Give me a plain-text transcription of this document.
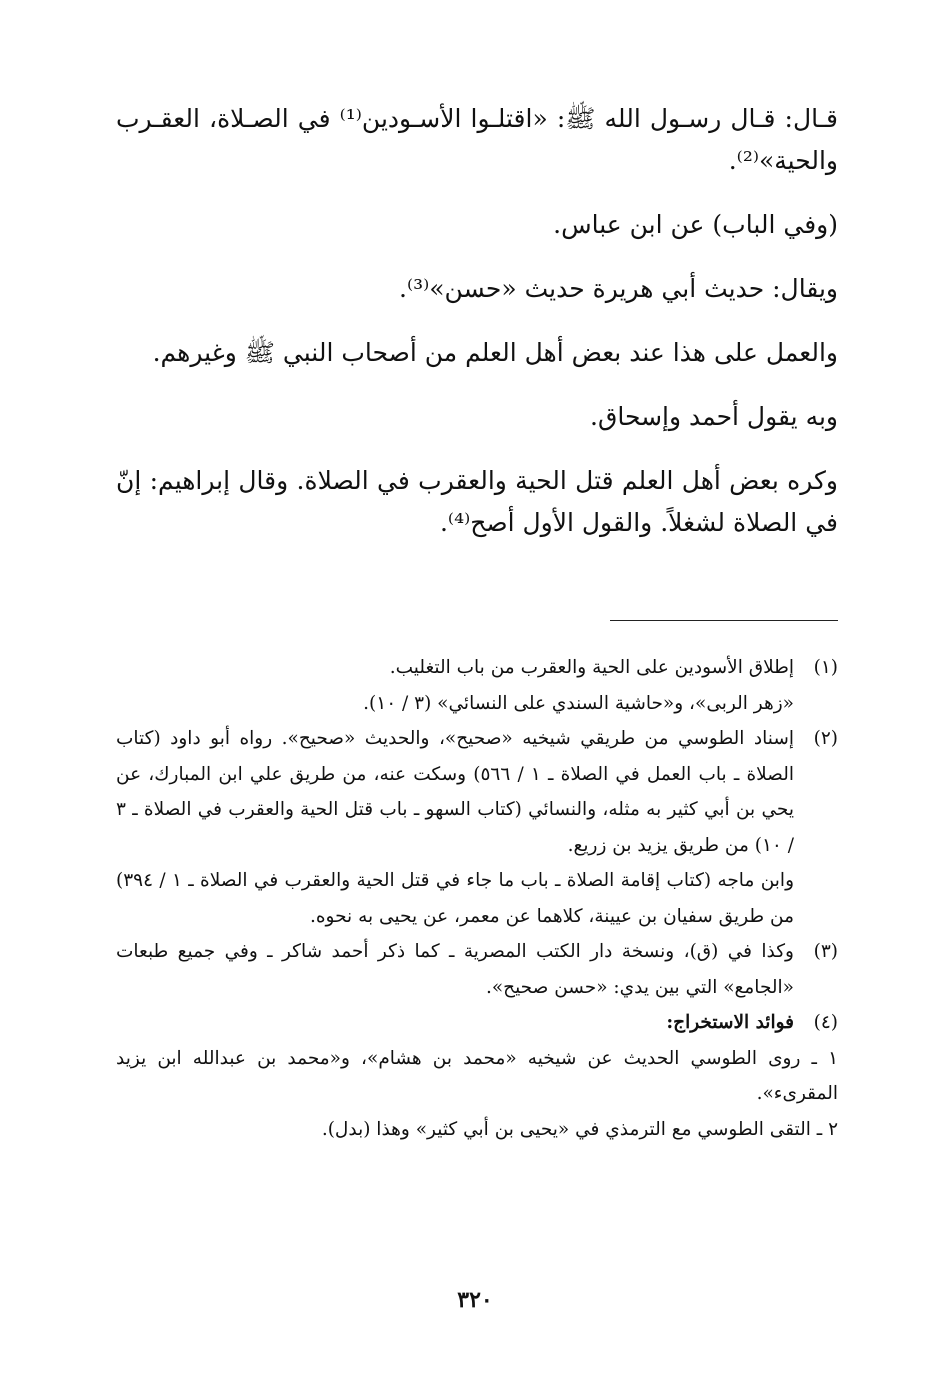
قـال: قـال رسـول الله ﷺ: «اقتلـوا الأسـودين⁽¹⁾ في الصـلاة، العقـرب والحية»⁽²⁾.

(وفي الباب) عن ابن عباس.

ويقال: حديث أبي هريرة حديث «حسن»⁽³⁾.

والعمل على هذا عند بعض أهل العلم من أصحاب النبي ﷺ وغيرهم.

وبه يقول أحمد وإسحاق.

وكره بعض أهل العلم قتل الحية والعقرب في الصلاة. وقال إبراهيم: إنّ في الصلاة لشغلاً. والقول الأول أصح⁽⁴⁾.

(١)
إطلاق الأسودين على الحية والعقرب من باب التغليب.
«زهر الربى»، و«حاشية السندي على النسائي» (٣ / ١٠).
(٢)
إسناد الطوسي من طريقي شيخيه «صحيح»، والحديث «صحيح». رواه أبو داود (كتاب الصلاة ـ باب العمل في الصلاة ـ ١ / ٥٦٦) وسكت عنه، من طريق علي ابن المبارك، عن يحي بن أبي كثير به مثله، والنسائي (كتاب السهو ـ باب قتل الحية والعقرب في الصلاة ـ ٣ / ١٠) من طريق يزيد بن زريع.
وابن ماجه (كتاب إقامة الصلاة ـ باب ما جاء في قتل الحية والعقرب في الصلاة ـ ١ / ٣٩٤) من طريق سفيان بن عيينة، كلاهما عن معمر، عن يحيى به نحوه.
(٣)
وكذا في (ق)، ونسخة دار الكتب المصرية ـ كما ذكر أحمد شاكر ـ وفي جميع طبعات «الجامع» التي بين يدي: «حسن صحيح».
(٤)
فوائد الاستخراج:
١ ـ روى الطوسي الحديث عن شيخيه «محمد بن هشام»، و«محمد بن عبدالله ابن يزيد المقرىء».
٢ ـ التقى الطوسي مع الترمذي في «يحيى بن أبي كثير» وهذا (بدل).
٣٢٠
